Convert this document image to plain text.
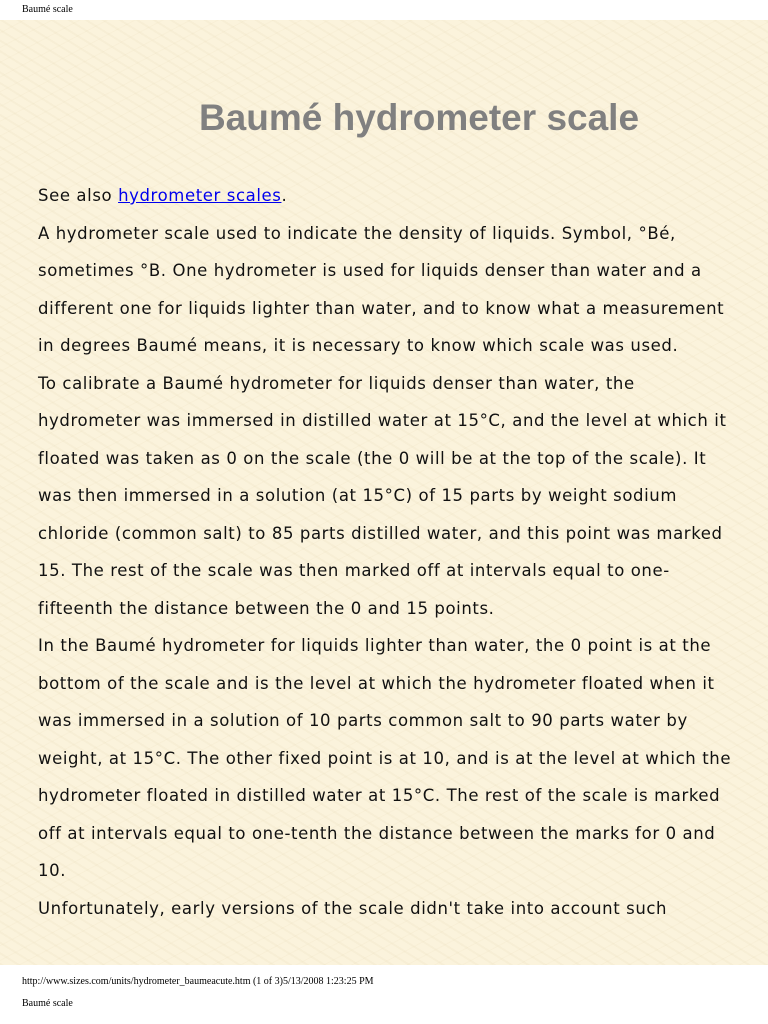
Baumé scale
Baumé hydrometer scale

See also hydrometer scales.

A hydrometer scale used to indicate the density of liquids. Symbol, °Bé, sometimes °B. One hydrometer is used for liquids denser than water and a different one for liquids lighter than water, and to know what a measurement in degrees Baumé means, it is necessary to know which scale was used.

To calibrate a Baumé hydrometer for liquids denser than water, the hydrometer was immersed in distilled water at 15°C, and the level at which it floated was taken as 0 on the scale (the 0 will be at the top of the scale). It was then immersed in a solution (at 15°C) of 15 parts by weight sodium chloride (common salt) to 85 parts distilled water, and this point was marked 15. The rest of the scale was then marked off at intervals equal to one-fifteenth the distance between the 0 and 15 points.

In the Baumé hydrometer for liquids lighter than water, the 0 point is at the bottom of the scale and is the level at which the hydrometer floated when it was immersed in a solution of 10 parts common salt to 90 parts water by weight, at 15°C. The other fixed point is at 10, and is at the level at which the hydrometer floated in distilled water at 15°C. The rest of the scale is marked off at intervals equal to one-tenth the distance between the marks for 0 and 10.

Unfortunately, early versions of the scale didn't take into account such

http://www.sizes.com/units/hydrometer_baumeacute.htm (1 of 3)5/13/2008 1:23:25 PM
Baumé scale
